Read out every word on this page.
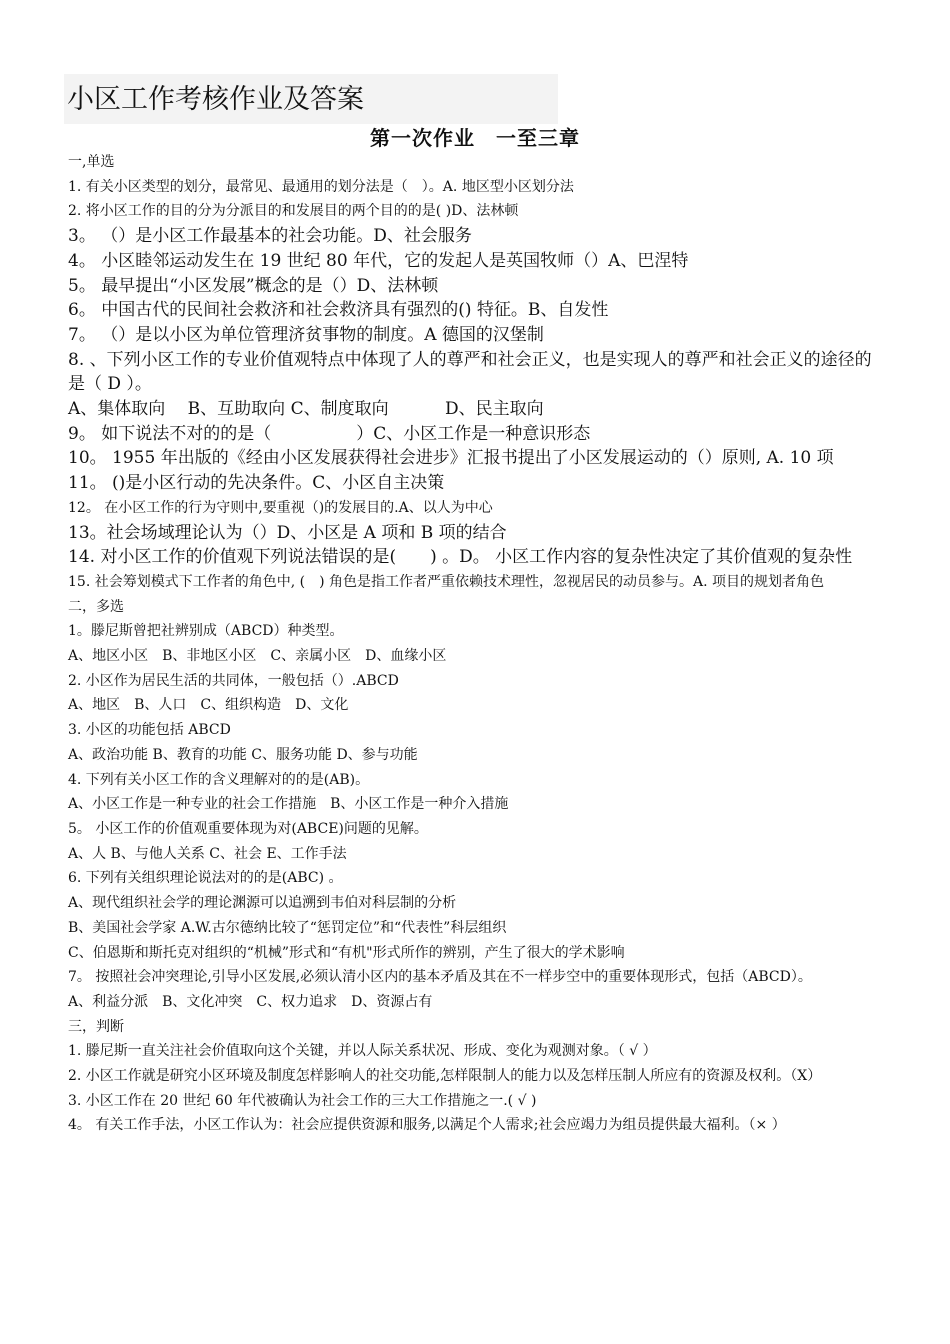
小区工作考核作业及答案
第一次作业　一至三章
一,单选
1. 有关小区类型的划分，最常见、最通用的划分法是（　）。A. 地区型小区划分法
2. 将小区工作的目的分为分派目的和发展目的两个目的的是( )D、法林顿
3。 （）是小区工作最基本的社会功能。D、社会服务
4。 小区睦邻运动发生在 19 世纪 80 年代，它的发起人是英国牧师（）A、巴涅特
5。 最早提出“小区发展”概念的是（）D、法林顿
6。 中国古代的民间社会救济和社会救济具有强烈的() 特征。B、自发性
7。 （）是以小区为单位管理济贫事物的制度。A 德国的汉堡制
8. 、下列小区工作的专业价值观特点中体现了人的尊严和社会正义，也是实现人的尊严和社会正义的途径的是（ D ）。
A、集体取向　 B、互助取向 C、制度取向　　　 D、民主取向
9。 如下说法不对的的是（　　　　　）C、小区工作是一种意识形态
10。 1955 年出版的《经由小区发展获得社会进步》汇报书提出了小区发展运动的（）原则, A. 10 项
11。 ()是小区行动的先决条件。C、小区自主决策
12。 在小区工作的行为守则中,要重视（)的发展目的.A、以人为中心
13。社会场域理论认为（）D、小区是 A 项和 B 项的结合
14. 对小区工作的价值观下列说法错误的是(　　) 。D。 小区工作内容的复杂性决定了其价值观的复杂性
15. 社会筹划模式下工作者的角色中, (　) 角色是指工作者严重依赖技术理性，忽视居民的动员参与。A. 项目的规划者角色
二，多选
1。滕尼斯曾把社辨别成（ABCD）种类型。
A、地区小区　B、非地区小区　C、亲属小区　D、血缘小区
2. 小区作为居民生活的共同体，一般包括（）.ABCD
A、地区　B、人口　C、组织构造　D、文化
3. 小区的功能包括 ABCD
A、政治功能 B、教育的功能 C、服务功能 D、参与功能
4. 下列有关小区工作的含义理解对的的是(AB)。
A、小区工作是一种专业的社会工作措施　B、小区工作是一种介入措施
5。 小区工作的价值观重要体现为对(ABCE)问题的见解。
A、人 B、与他人关系 C、社会 E、工作手法
6. 下列有关组织理论说法对的的是(ABC) 。
A、现代组织社会学的理论渊源可以追溯到韦伯对科层制的分析
B、美国社会学家 A.W.古尔德纳比较了“惩罚定位”和“代表性”科层组织
C、伯恩斯和斯托克对组织的“机械”形式和“有机"形式所作的辨别，产生了很大的学术影响
7。 按照社会冲突理论,引导小区发展,必须认清小区内的基本矛盾及其在不一样步空中的重要体现形式，包括（ABCD）。
A、利益分派　B、文化冲突　C、权力追求　D、资源占有
三，判断
1. 滕尼斯一直关注社会价值取向这个关键，并以人际关系状况、形成、变化为观测对象。（ √ ）
2. 小区工作就是研究小区环境及制度怎样影响人的社交功能,怎样限制人的能力以及怎样压制人所应有的资源及权利。（X）
3. 小区工作在 20 世纪 60 年代被确认为社会工作的三大工作措施之一.( √ )
4。 有关工作手法，小区工作认为：社会应提供资源和服务,以满足个人需求;社会应竭力为组员提供最大福利。（× ）
